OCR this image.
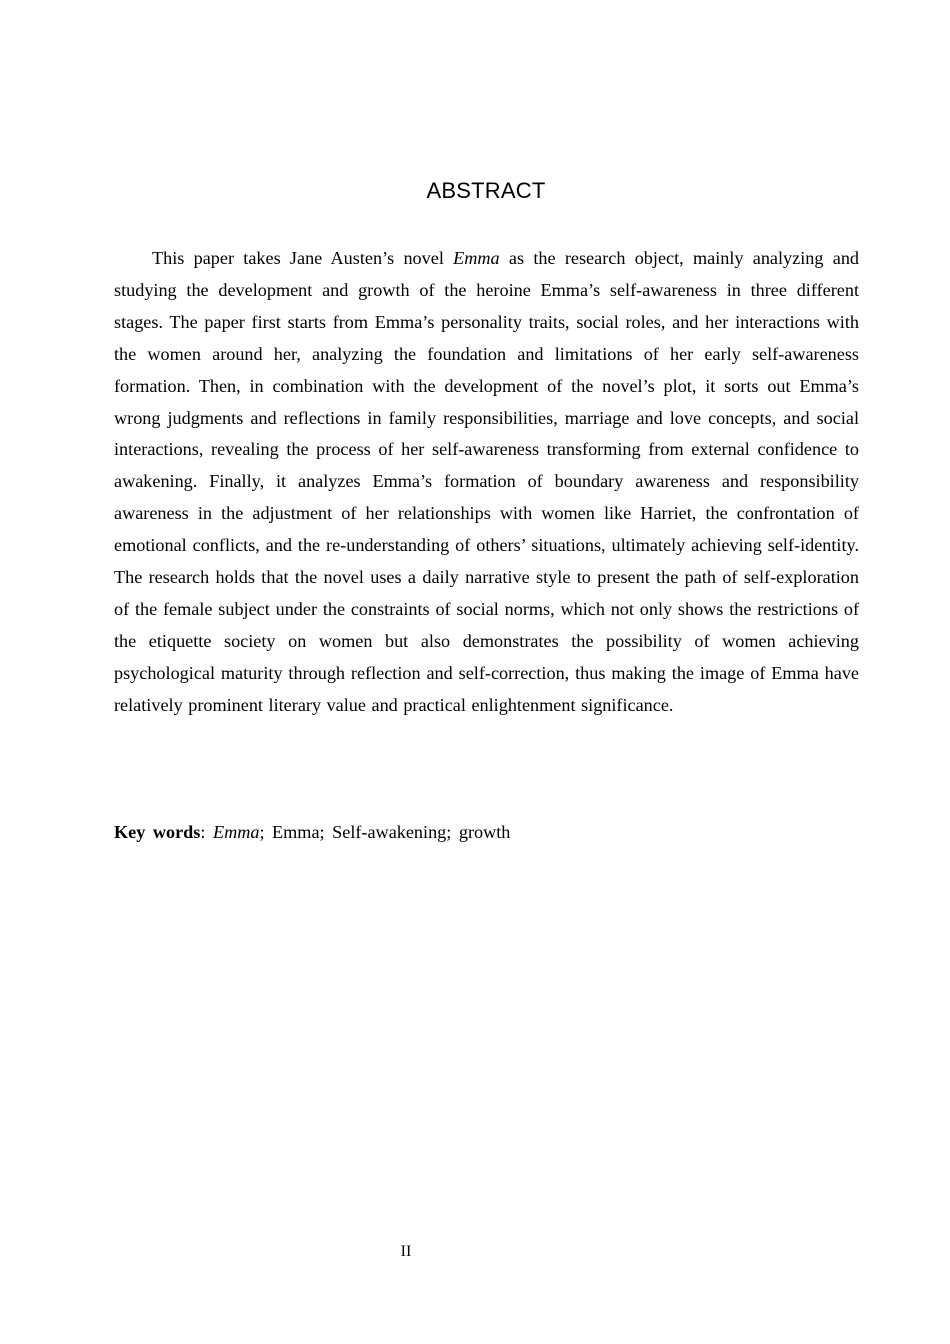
ABSTRACT

This paper takes Jane Austen’s novel Emma as the research object, mainly analyzing and studying the development and growth of the heroine Emma’s self-awareness in three different stages. The paper first starts from Emma’s personality traits, social roles, and her interactions with the women around her, analyzing the foundation and limitations of her early self-awareness formation. Then, in combination with the development of the novel’s plot, it sorts out Emma’s wrong judgments and reflections in family responsibilities, marriage and love concepts, and social interactions, revealing the process of her self-awareness transforming from external confidence to awakening. Finally, it analyzes Emma’s formation of boundary awareness and responsibility awareness in the adjustment of her relationships with women like Harriet, the confrontation of emotional conflicts, and the re-understanding of others’ situations, ultimately achieving self-identity. The research holds that the novel uses a daily narrative style to present the path of self-exploration of the female subject under the constraints of social norms, which not only shows the restrictions of the etiquette society on women but also demonstrates the possibility of women achieving psychological maturity through reflection and self-correction, thus making the image of Emma have relatively prominent literary value and practical enlightenment significance.

Key words: Emma; Emma; Self-awakening; growth

II
